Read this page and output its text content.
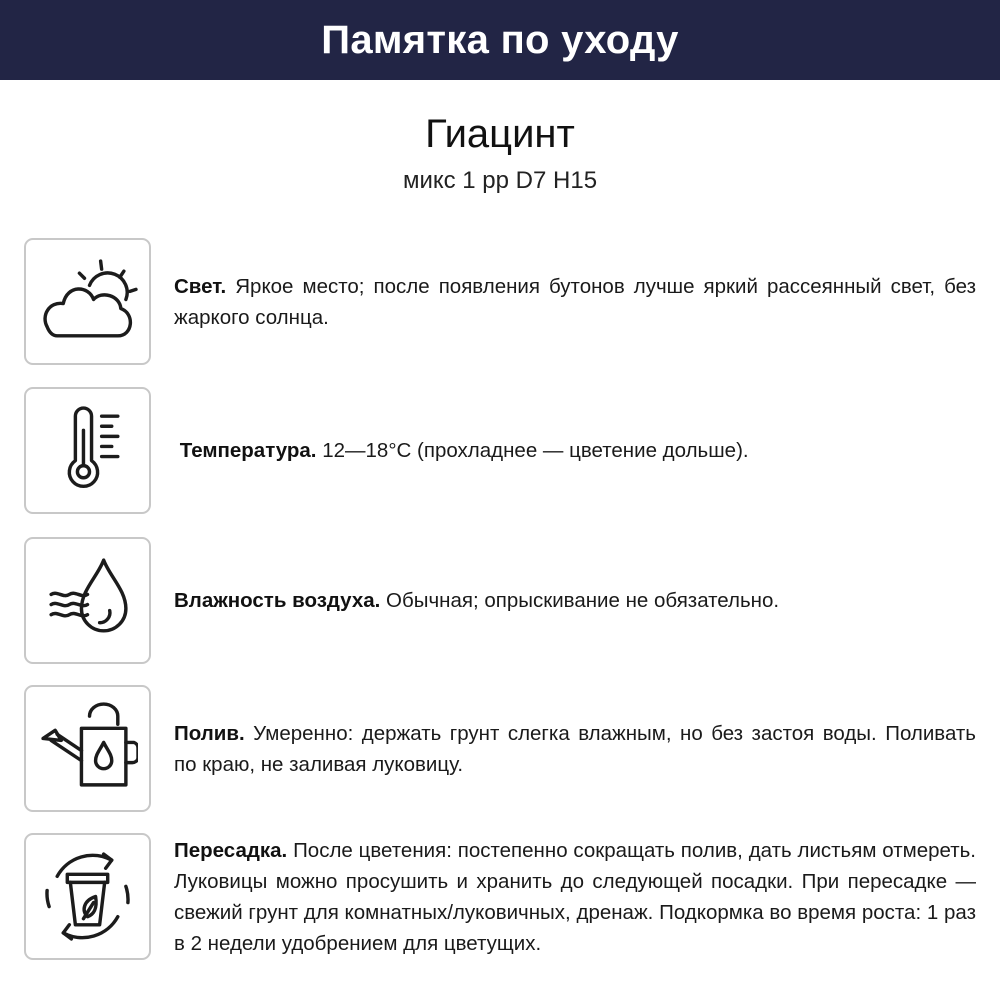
Памятка по уходу
Гиацинт
микс 1 рр D7 H15

Свет. Яркое место; после появления бутонов лучше яркий рассеянный свет, без жаркого солнца.

Температура. 12—18°С (прохладнее — цветение дольше).

Влажность воздуха. Обычная; опрыскивание не обязательно.

Полив. Умеренно: держать грунт слегка влажным, но без застоя воды. Поливать по краю, не заливая луковицу.

Пересадка. После цветения: постепенно сокращать полив, дать листьям отмереть. Луковицы можно просушить и хранить до следующей посадки. При пересадке — свежий грунт для комнатных/луковичных, дренаж. Подкормка во время роста: 1 раз в 2 недели удобрением для цветущих.
